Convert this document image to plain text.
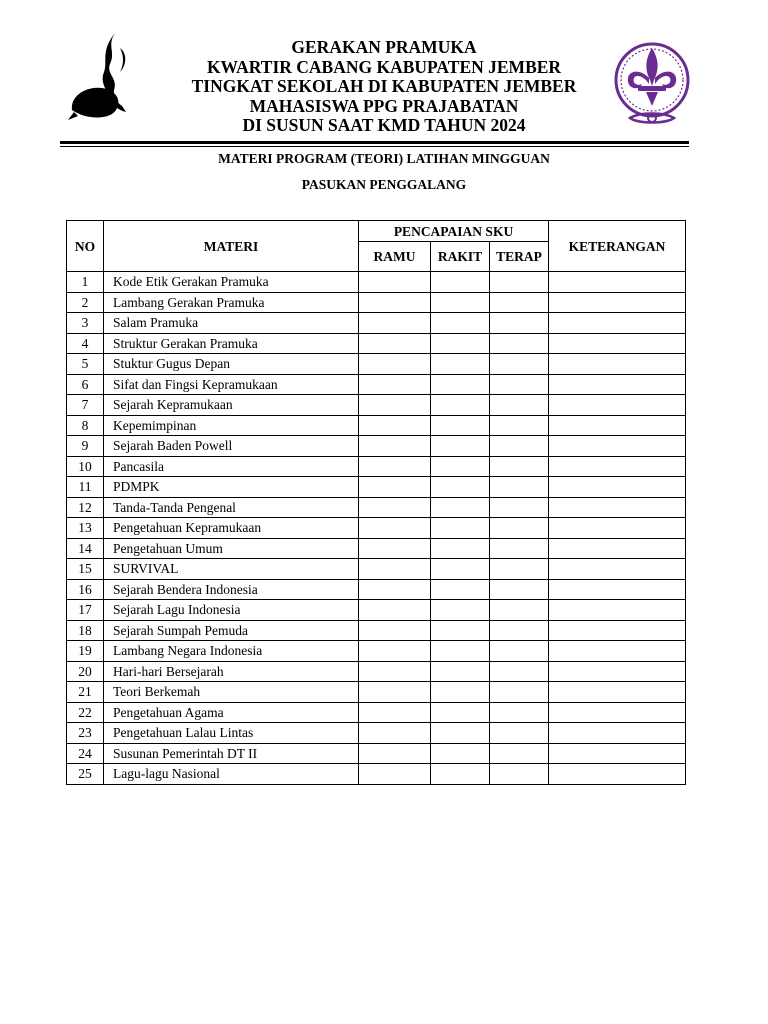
GERAKAN PRAMUKA
KWARTIR CABANG KABUPATEN JEMBER
TINGKAT SEKOLAH DI KABUPATEN JEMBER
MAHASISWA PPG PRAJABATAN
DI SUSUN SAAT KMD TAHUN 2024
MATERI PROGRAM (TEORI) LATIHAN MINGGUAN
PASUKAN PENGGALANG
NO	MATERI	PENCAPAIAN SKU			KETERANGAN
		RAMU	RAKIT	TERAP	
1	Kode Etik Gerakan Pramuka				
2	Lambang Gerakan Pramuka				
3	Salam Pramuka				
4	Struktur Gerakan Pramuka				
5	Stuktur Gugus Depan				
6	Sifat dan Fingsi Kepramukaan				
7	Sejarah Kepramukaan				
8	Kepemimpinan				
9	Sejarah Baden Powell				
10	Pancasila				
11	PDMPK				
12	Tanda-Tanda Pengenal				
13	Pengetahuan Kepramukaan				
14	Pengetahuan Umum				
15	SURVIVAL				
16	Sejarah Bendera Indonesia				
17	Sejarah Lagu Indonesia				
18	Sejarah Sumpah Pemuda				
19	Lambang Negara Indonesia				
20	Hari-hari Bersejarah				
21	Teori Berkemah				
22	Pengetahuan Agama				
23	Pengetahuan Lalau Lintas				
24	Susunan Pemerintah DT II				
25	Lagu-lagu Nasional				
